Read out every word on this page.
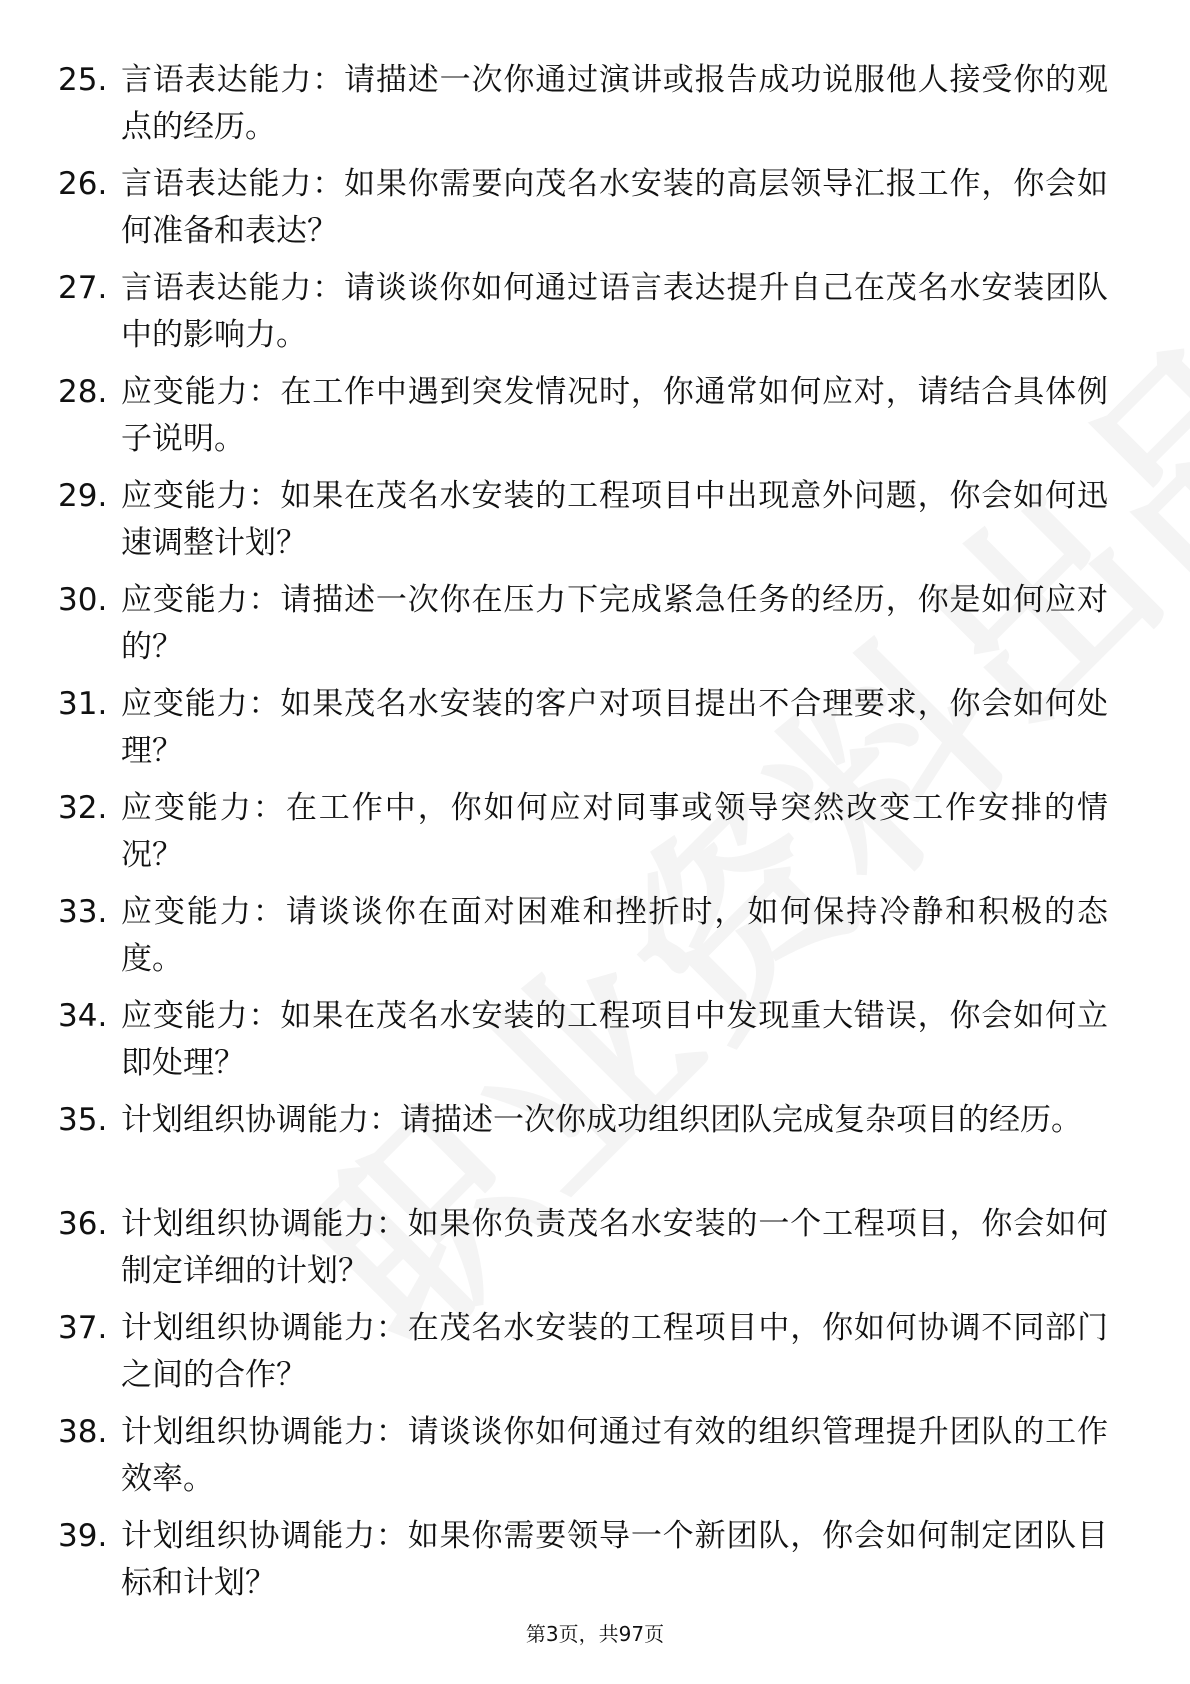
25. 言语表达能力：请描述一次你通过演讲或报告成功说服他人接受你的观点的经历。
26. 言语表达能力：如果你需要向茂名水安装的高层领导汇报工作，你会如何准备和表达？
27. 言语表达能力：请谈谈你如何通过语言表达提升自己在茂名水安装团队中的影响力。
28. 应变能力：在工作中遇到突发情况时，你通常如何应对，请结合具体例子说明。
29. 应变能力：如果在茂名水安装的工程项目中出现意外问题，你会如何迅速调整计划？
30. 应变能力：请描述一次你在压力下完成紧急任务的经历，你是如何应对的？
31. 应变能力：如果茂名水安装的客户对项目提出不合理要求，你会如何处理？
32. 应变能力：在工作中，你如何应对同事或领导突然改变工作安排的情况？
33. 应变能力：请谈谈你在面对困难和挫折时，如何保持冷静和积极的态度。
34. 应变能力：如果在茂名水安装的工程项目中发现重大错误，你会如何立即处理？
35. 计划组织协调能力：请描述一次你成功组织团队完成复杂项目的经历。
36. 计划组织协调能力：如果你负责茂名水安装的一个工程项目，你会如何制定详细的计划？
37. 计划组织协调能力：在茂名水安装的工程项目中，你如何协调不同部门之间的合作？
38. 计划组织协调能力：请谈谈你如何通过有效的组织管理提升团队的工作效率。
39. 计划组织协调能力：如果你需要领导一个新团队，你会如何制定团队目标和计划？
第3页，共97页
